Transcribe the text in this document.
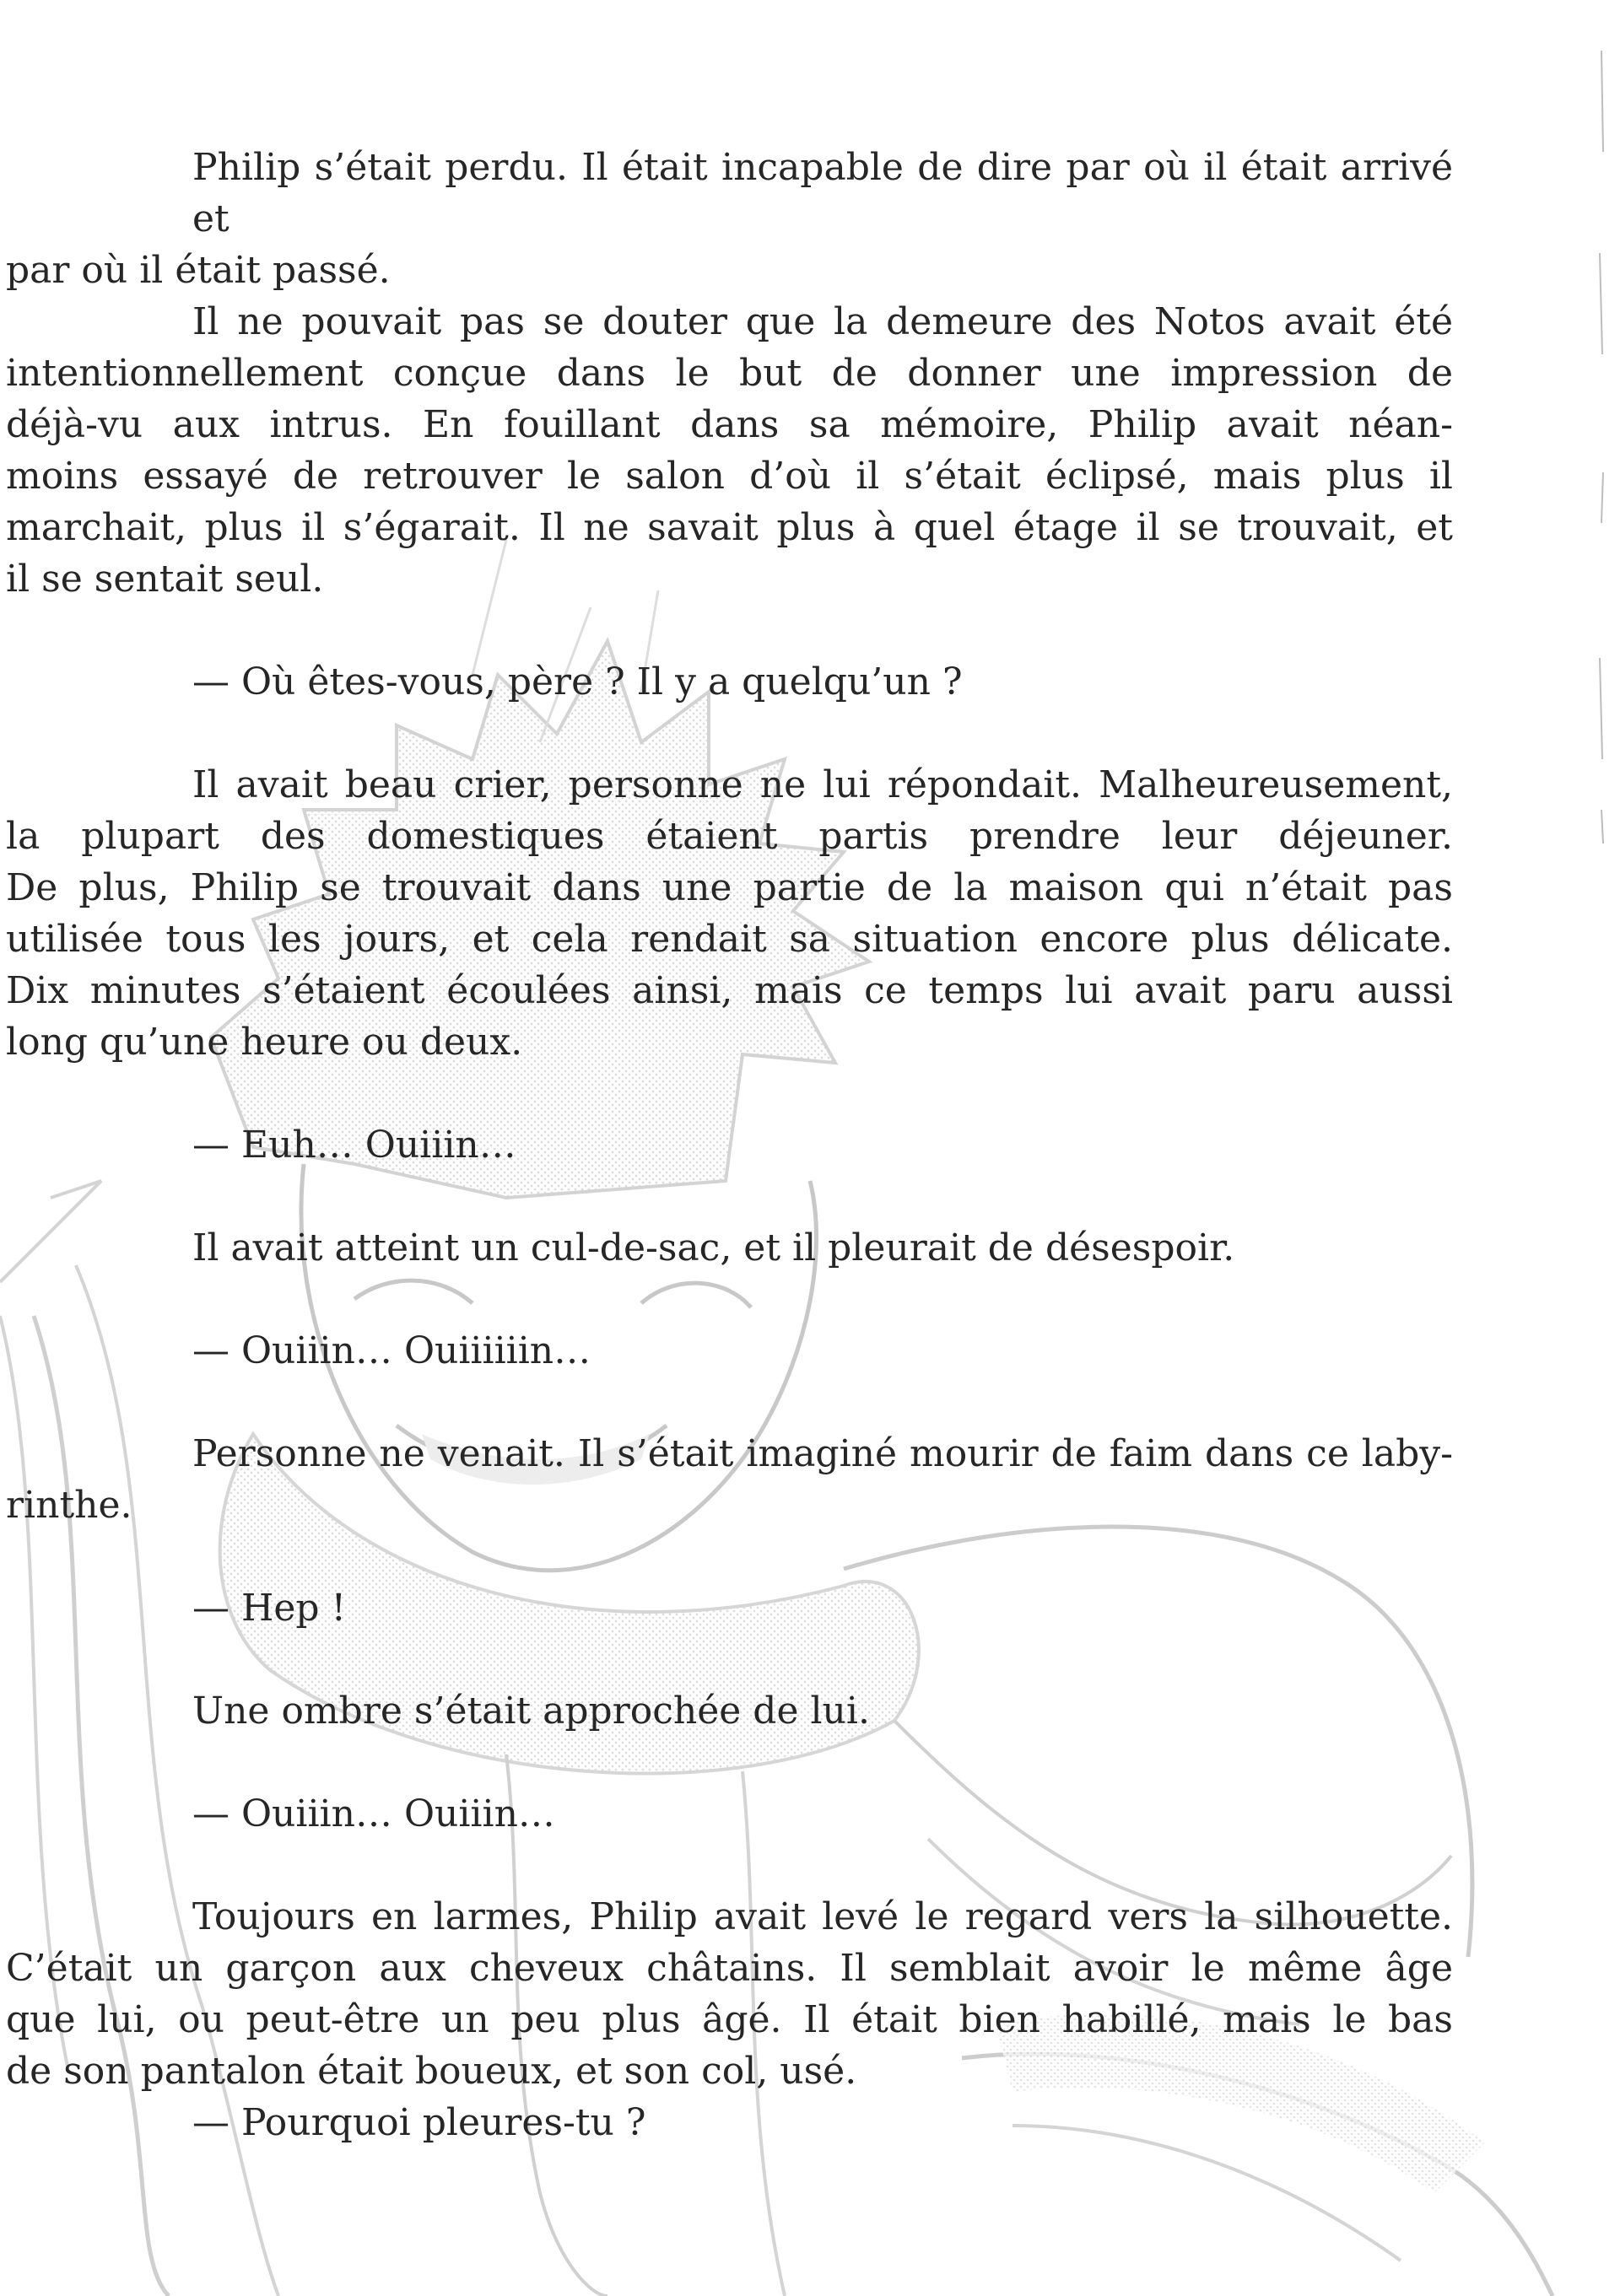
Philip s’était perdu. Il était incapable de dire par où il était arrivé et
par où il était passé.
Il ne pouvait pas se douter que la demeure des Notos avait été
intentionnellement conçue dans le but de donner une impression de
déjà-vu aux intrus. En fouillant dans sa mémoire, Philip avait néan-
moins essayé de retrouver le salon d’où il s’était éclipsé, mais plus il
marchait, plus il s’égarait. Il ne savait plus à quel étage il se trouvait, et
il se sentait seul.
— Où êtes-vous, père ? Il y a quelqu’un ?
Il avait beau crier, personne ne lui répondait. Malheureusement,
la plupart des domestiques étaient partis prendre leur déjeuner.
De plus, Philip se trouvait dans une partie de la maison qui n’était pas
utilisée tous les jours, et cela rendait sa situation encore plus délicate.
Dix minutes s’étaient écoulées ainsi, mais ce temps lui avait paru aussi
long qu’une heure ou deux.
— Euh… Ouiiin…
Il avait atteint un cul-de-sac, et il pleurait de désespoir.
— Ouiiin… Ouiiiiiin…
Personne ne venait. Il s’était imaginé mourir de faim dans ce laby-
rinthe.
— Hep !
Une ombre s’était approchée de lui.
— Ouiiin… Ouiiin…
Toujours en larmes, Philip avait levé le regard vers la silhouette.
C’était un garçon aux cheveux châtains. Il semblait avoir le même âge
que lui, ou peut-être un peu plus âgé. Il était bien habillé, mais le bas
de son pantalon était boueux, et son col, usé.
— Pourquoi pleures-tu ?
